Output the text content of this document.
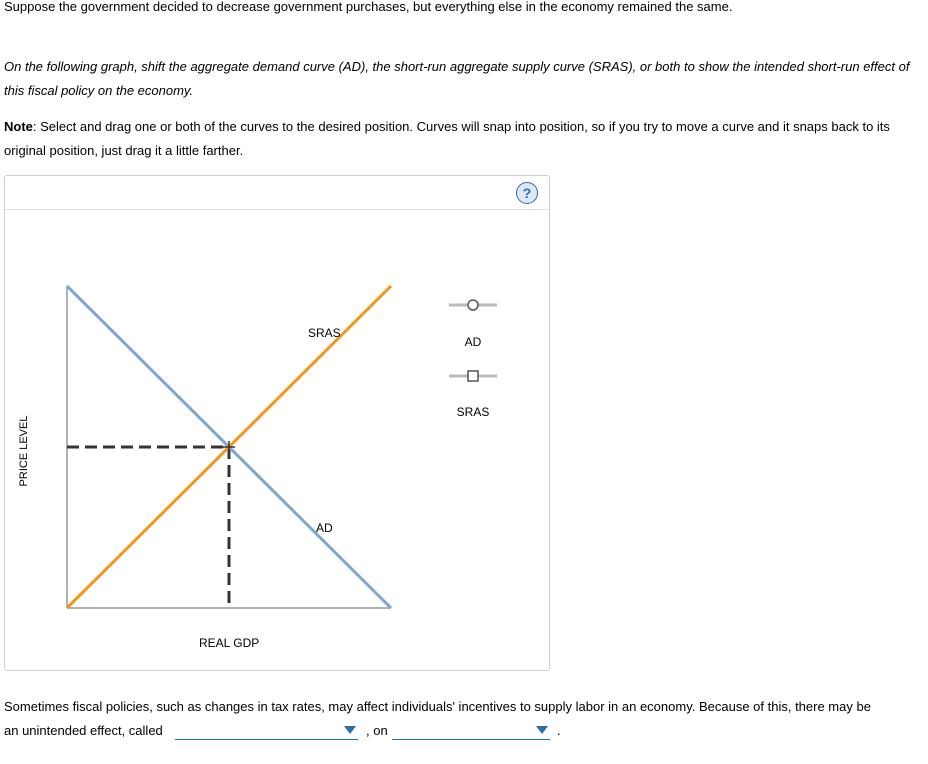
Suppose the government decided to decrease government purchases, but everything else in the economy remained the same.
On the following graph, shift the aggregate demand curve (AD), the short-run aggregate supply curve (SRAS), or both to show the intended short-run effect of this fiscal policy on the economy.
Note: Select and drag one or both of the curves to the desired position. Curves will snap into position, so if you try to move a curve and it snaps back to its original position, just drag it a little farther.
?
SRAS
AD
REAL GDP
PRICE LEVEL
AD
SRAS
Sometimes fiscal policies, such as changes in tax rates, may affect individuals' incentives to supply labor in an economy. Because of this, there may be
an unintended effect, called	, on	.
